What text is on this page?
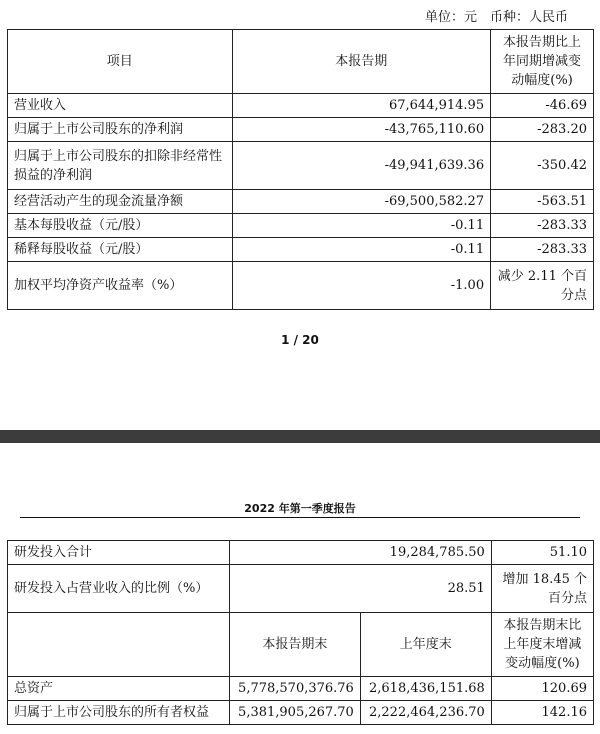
单位：元　币种：人民币
项目	本报告期	本报告期比上年同期增减变动幅度(%)
营业收入	67,644,914.95	-46.69
归属于上市公司股东的净利润	-43,765,110.60	-283.20
归属于上市公司股东的扣除非经常性损益的净利润	-49,941,639.36	-350.42
经营活动产生的现金流量净额	-69,500,582.27	-563.51
基本每股收益（元/股）	-0.11	-283.33
稀释每股收益（元/股）	-0.11	-283.33
加权平均净资产收益率（%）	-1.00	减少 2.11 个百分点
1 / 20
2022 年第一季度报告
研发投入合计	19,284,785.50		51.10
研发投入占营业收入的比例（%）	28.51		增加 18.45 个百分点
	本报告期末	上年度末	本报告期末比上年度末增减变动幅度(%)
总资产	5,778,570,376.76	2,618,436,151.68	120.69
归属于上市公司股东的所有者权益	5,381,905,267.70	2,222,464,236.70	142.16
